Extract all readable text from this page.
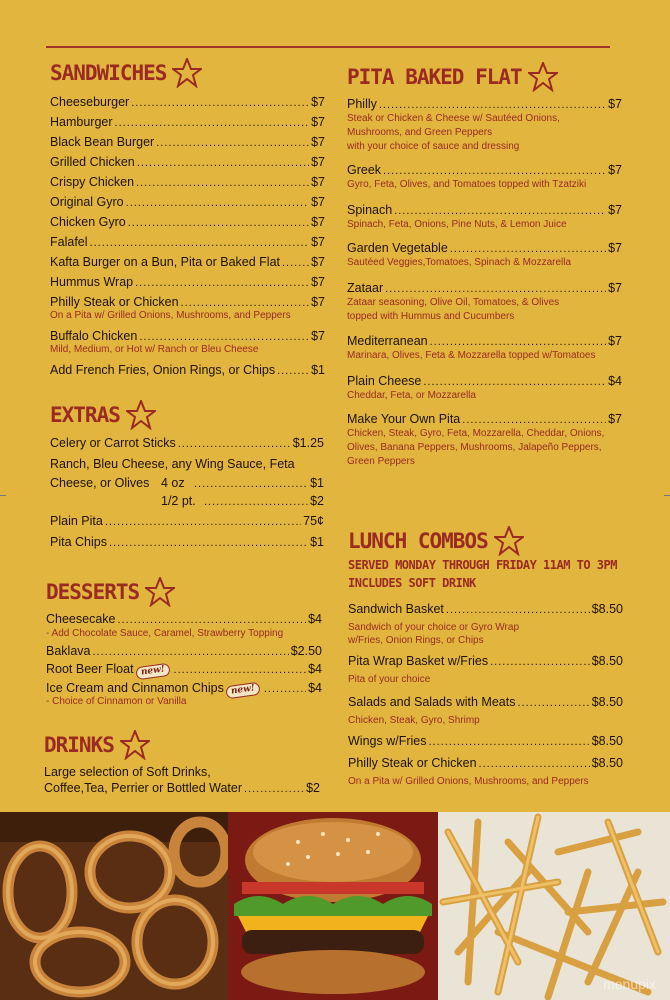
SANDWICHES
Cheeseburger .....	$7
Hamburger .....	$7
Black Bean Burger .....	$7
Grilled Chicken .....	$7
Crispy Chicken .....	$7
Original Gyro .....	$7
Chicken Gyro .....	$7
Falafel .....	$7
Kafta Burger on a Bun, Pita or Baked Flat ..... $7
Hummus Wrap .....	$7
Philly Steak or Chicken .....	$7
On a Pita w/ Grilled Onions, Mushrooms, and Peppers
Buffalo Chicken .....	$7
Mild, Medium, or Hot w/ Ranch or Bleu Cheese
Add French Fries, Onion Rings, or Chips .....	$1
EXTRAS
Celery or Carrot Sticks .....	$1.25
Ranch, Bleu Cheese, any Wing Sauce, Feta
Cheese, or Olives 4 oz .....	$1
1/2 pt. .....	$2
Plain Pita .....	75¢
Pita Chips .....	$1
DESSERTS
Cheesecake .....	$4
- Add Chocolate Sauce, Caramel, Strawberry Topping
Baklava .....	$2.50
Root Beer Float new! .....	$4
Ice Cream and Cinnamon Chips new! .....	$4
- Choice of Cinnamon or Vanilla
DRINKS
Large selection of Soft Drinks,
Coffee,Tea, Perrier or Bottled Water .....	$2
PITA BAKED FLAT
Philly .....	$7
Steak or Chicken & Cheese w/ Sautéed Onions,
Mushrooms, and Green Peppers
with your choice of sauce and dressing
Greek .....	$7
Gyro, Feta, Olives, and Tomatoes topped with Tzatziki
Spinach .....	$7
Spinach, Feta, Onions, Pine Nuts, & Lemon Juice
Garden Vegetable .....	$7
Sautéed Veggies,Tomatoes, Spinach & Mozzarella
Zataar .....	$7
Zataar seasoning, Olive Oil, Tomatoes, & Olives
topped with Hummus and Cucumbers
Mediterranean .....	$7
Marinara, Olives, Feta & Mozzarella topped w/Tomatoes
Plain Cheese .....	$4
Cheddar, Feta, or Mozzarella
Make Your Own Pita .....	$7
Chicken, Steak, Gyro, Feta, Mozzarella, Cheddar, Onions,
Olives, Banana Peppers, Mushrooms, Jalapeño Peppers,
Green Peppers
LUNCH COMBOS
SERVED MONDAY THROUGH FRIDAY 11AM TO 3PM
INCLUDES SOFT DRINK
Sandwich Basket .....	$8.50
Sandwich of your choice or Gyro Wrap
w/Fries, Onion Rings, or Chips
Pita Wrap Basket w/Fries .....	$8.50
Pita of your choice
Salads and Salads with Meats .....	$8.50
Chicken, Steak, Gyro, Shrimp
Wings w/Fries .....	$8.50
Philly Steak or Chicken .....	$8.50
On a Pita w/ Grilled Onions, Mushrooms, and Peppers
menupix
